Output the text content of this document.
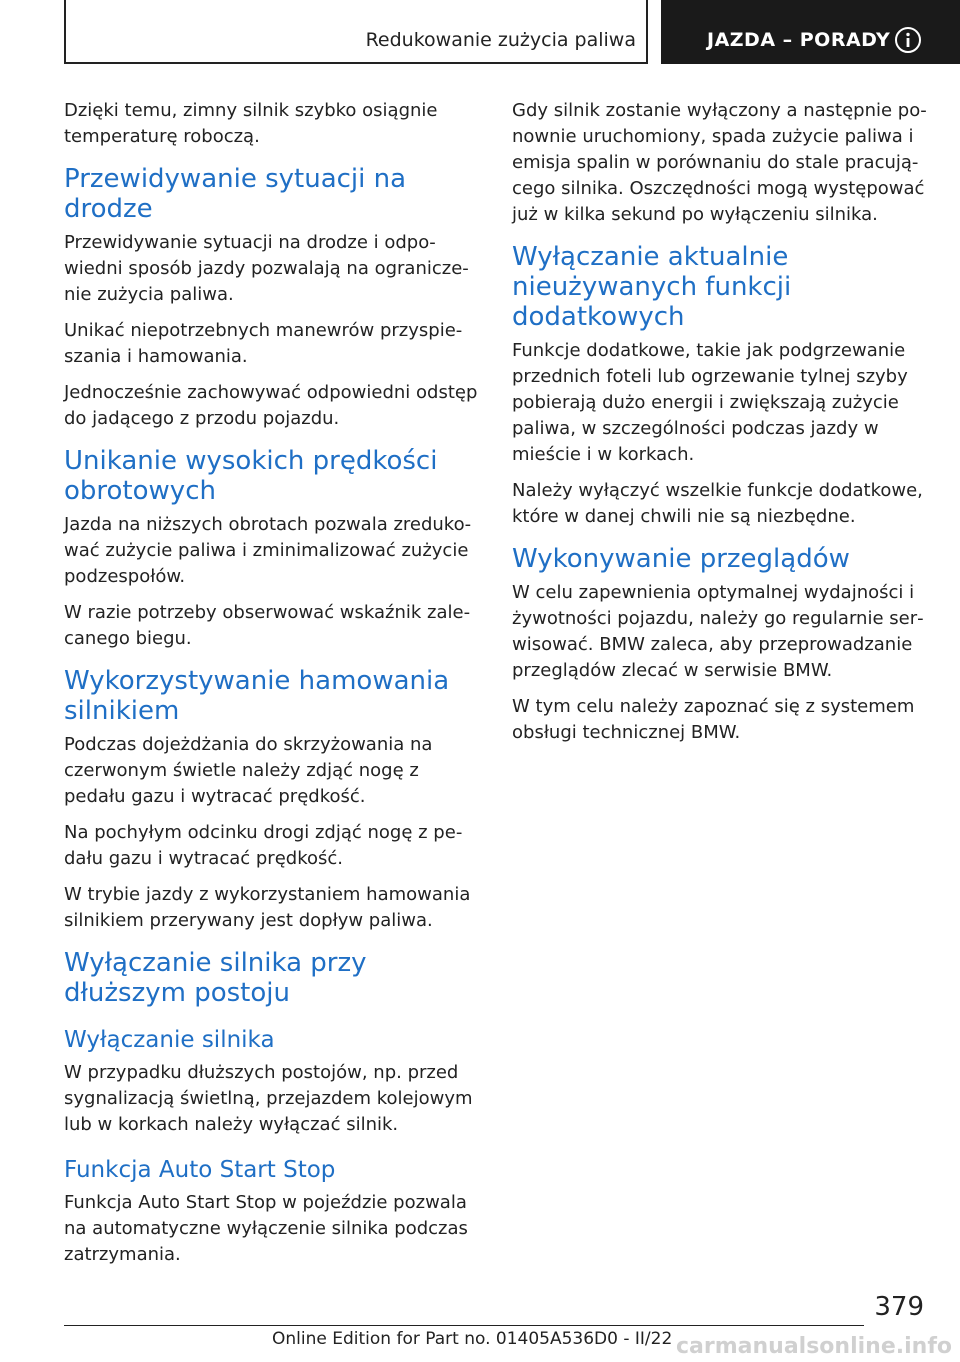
Redukowanie zużycia paliwa	JAZDA – PORADY

Dzięki temu, zimny silnik szybko osiągnie temperaturę roboczą.

Przewidywanie sytuacji na drodze

Przewidywanie sytuacji na drodze i odpowiedni sposób jazdy pozwalają na ograniczenie zużycia paliwa.

Unikać niepotrzebnych manewrów przyspieszania i hamowania.

Jednocześnie zachowywać odpowiedni odstęp do jadącego z przodu pojazdu.

Unikanie wysokich prędkości obrotowych

Jazda na niższych obrotach pozwala zredukować zużycie paliwa i zminimalizować zużycie podzespołów.

W razie potrzeby obserwować wskaźnik zalecanego biegu.

Wykorzystywanie hamowania silnikiem

Podczas dojeżdżania do skrzyżowania na czerwonym świetle należy zdjąć nogę z pedału gazu i wytracać prędkość.

Na pochyłym odcinku drogi zdjąć nogę z pedału gazu i wytracać prędkość.

W trybie jazdy z wykorzystaniem hamowania silnikiem przerywany jest dopływ paliwa.

Wyłączanie silnika przy dłuższym postoju
Wyłączanie silnika

W przypadku dłuższych postojów, np. przed sygnalizacją świetlną, przejazdem kolejowym lub w korkach należy wyłączać silnik.

Funkcja Auto Start Stop

Funkcja Auto Start Stop w pojeździe pozwala na automatyczne wyłączenie silnika podczas zatrzymania.

Gdy silnik zostanie wyłączony a następnie ponownie uruchomiony, spada zużycie paliwa i emisja spalin w porównaniu do stale pracującego silnika. Oszczędności mogą występować już w kilka sekund po wyłączeniu silnika.

Wyłączanie aktualnie nieużywanych funkcji dodatkowych

Funkcje dodatkowe, takie jak podgrzewanie przednich foteli lub ogrzewanie tylnej szyby pobierają dużo energii i zwiększają zużycie paliwa, w szczególności podczas jazdy w mieście i w korkach.

Należy wyłączyć wszelkie funkcje dodatkowe, które w danej chwili nie są niezbędne.

Wykonywanie przeglądów

W celu zapewnienia optymalnej wydajności i żywotności pojazdu, należy go regularnie serwisować. BMW zaleca, aby przeprowadzanie przeglądów zlecać w serwisie BMW.

W tym celu należy zapoznać się z systemem obsługi technicznej BMW.

379
Online Edition for Part no. 01405A536D0 - II/22 carmanualsonline.info
